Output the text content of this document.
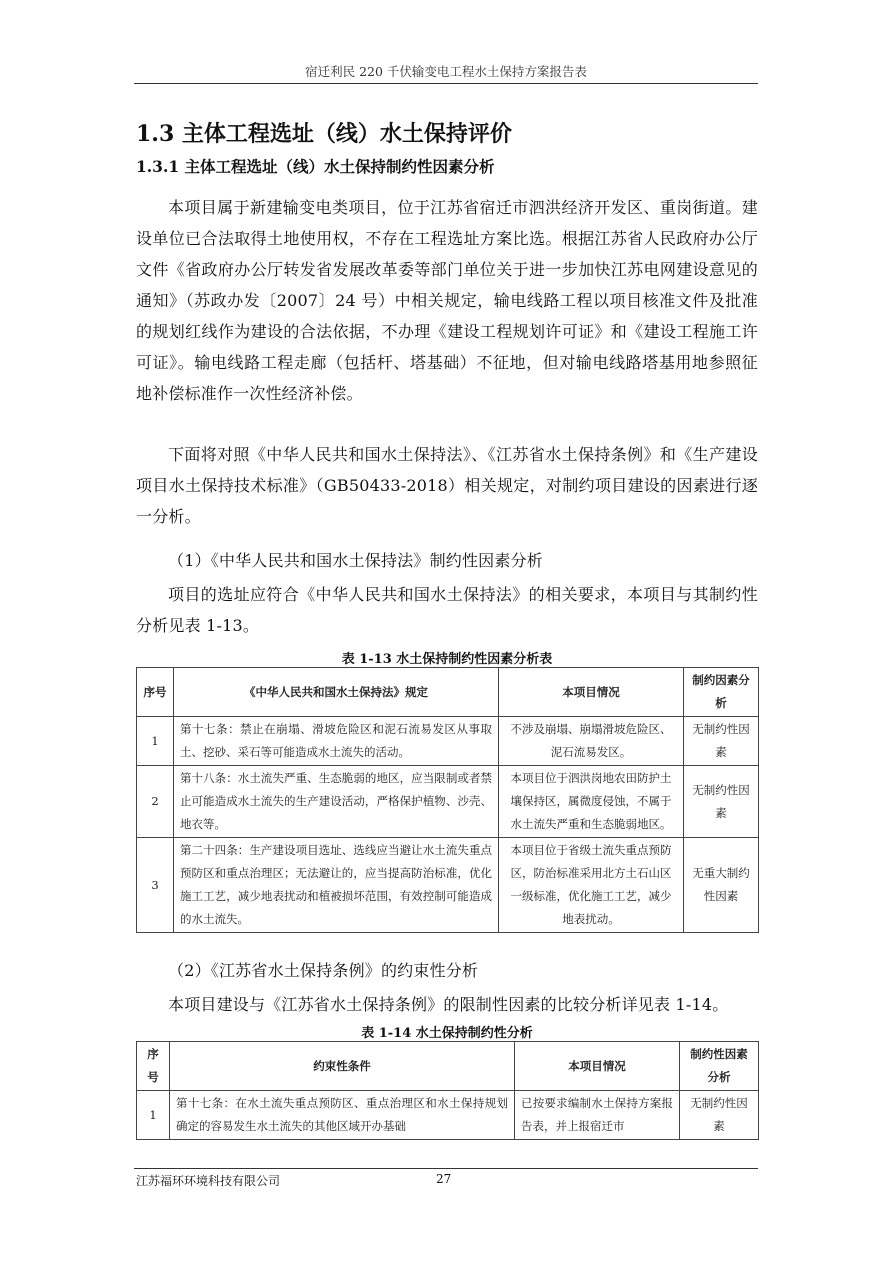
宿迁利民 220 千伏输变电工程水土保持方案报告表
1.3 主体工程选址（线）水土保持评价
1.3.1 主体工程选址（线）水土保持制约性因素分析

本项目属于新建输变电类项目，位于江苏省宿迁市泗洪经济开发区、重岗街道。建设单位已合法取得土地使用权，不存在工程选址方案比选。根据江苏省人民政府办公厅文件《省政府办公厅转发省发展改革委等部门单位关于进一步加快江苏电网建设意见的通知》（苏政办发〔2007〕24 号）中相关规定，输电线路工程以项目核准文件及批准的规划红线作为建设的合法依据，不办理《建设工程规划许可证》和《建设工程施工许可证》。输电线路工程走廊（包括杆、塔基础）不征地，但对输电线路塔基用地参照征地补偿标准作一次性经济补偿。

下面将对照《中华人民共和国水土保持法》、《江苏省水土保持条例》和《生产建设项目水土保持技术标准》（GB50433-2018）相关规定，对制约项目建设的因素进行逐一分析。

（1）《中华人民共和国水土保持法》制约性因素分析

项目的选址应符合《中华人民共和国水土保持法》的相关要求，本项目与其制约性分析见表 1-13。

表 1-13 水土保持制约性因素分析表
序号	《中华人民共和国水土保持法》规定	本项目情况	制约因素分析
1	第十七条：禁止在崩塌、滑坡危险区和泥石流易发区从事取土、挖砂、采石等可能造成水土流失的活动。	不涉及崩塌、崩塌滑坡危险区、泥石流易发区。	无制约性因素
2	第十八条：水土流失严重、生态脆弱的地区，应当限制或者禁止可能造成水土流失的生产建设活动，严格保护植物、沙壳、地衣等。	本项目位于泗洪岗地农田防护土壤保持区，属微度侵蚀，不属于水土流失严重和生态脆弱地区。	无制约性因素
3	第二十四条：生产建设项目选址、选线应当避让水土流失重点预防区和重点治理区；无法避让的，应当提高防治标准，优化施工工艺，减少地表扰动和植被损坏范围，有效控制可能造成的水土流失。	本项目位于省级土流失重点预防区，防治标准采用北方土石山区一级标准，优化施工工艺，减少地表扰动。	无重大制约性因素

（2）《江苏省水土保持条例》的约束性分析

本项目建设与《江苏省水土保持条例》的限制性因素的比较分析详见表 1-14。

表 1-14 水土保持制约性分析
序号	约束性条件	本项目情况	制约性因素分析
1	第十七条：在水土流失重点预防区、重点治理区和水土保持规划确定的容易发生水土流失的其他区域开办基础	已按要求编制水土保持方案报告表，并上报宿迁市	无制约性因素
江苏福环环境科技有限公司	27
